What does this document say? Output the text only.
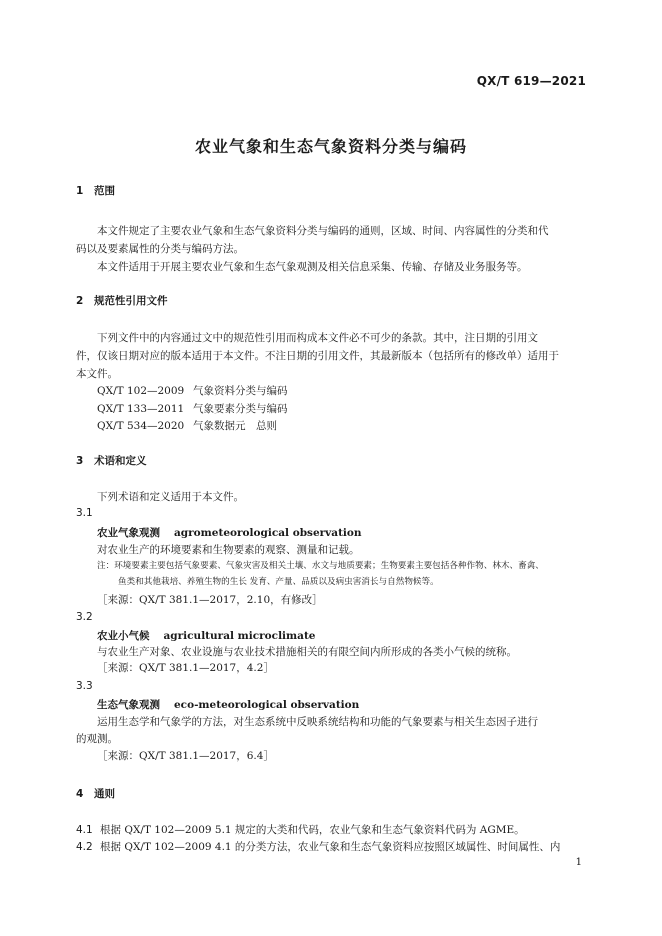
QX/T 619—2021
农业气象和生态气象资料分类与编码
1 范围
本文件规定了主要农业气象和生态气象资料分类与编码的通则，区域、时间、内容属性的分类和代
码以及要素属性的分类与编码方法。
本文件适用于开展主要农业气象和生态气象观测及相关信息采集、传输、存储及业务服务等。
2 规范性引用文件
下列文件中的内容通过文中的规范性引用而构成本文件必不可少的条款。其中，注日期的引用文
件，仅该日期对应的版本适用于本文件。不注日期的引用文件，其最新版本（包括所有的修改单）适用于
本文件。
QX/T 102—2009 气象资料分类与编码
QX/T 133—2011 气象要素分类与编码
QX/T 534—2020 气象数据元　总则
3 术语和定义
下列术语和定义适用于本文件。
3.1
农业气象观测 agrometeorological observation
对农业生产的环境要素和生物要素的观察、测量和记载。
注：环境要素主要包括气象要素、气象灾害及相关土壤、水文与地质要素；生物要素主要包括各种作物、林木、畜禽、
鱼类和其他栽培、养殖生物的生长 发育、产量、品质以及病虫害消长与自然物候等。
［来源：QX/T 381.1—2017，2.10，有修改］
3.2
农业小气候 agricultural microclimate
与农业生产对象、农业设施与农业技术措施相关的有限空间内所形成的各类小气候的统称。
［来源：QX/T 381.1—2017，4.2］
3.3
生态气象观测 eco-meteorological observation
运用生态学和气象学的方法，对生态系统中反映系统结构和功能的气象要素与相关生态因子进行
的观测。
［来源：QX/T 381.1—2017，6.4］
4 通则
4.1 根据 QX/T 102—2009 5.1 规定的大类和代码，农业气象和生态气象资料代码为 AGME。
4.2 根据 QX/T 102—2009 4.1 的分类方法，农业气象和生态气象资料应按照区域属性、时间属性、内
1
